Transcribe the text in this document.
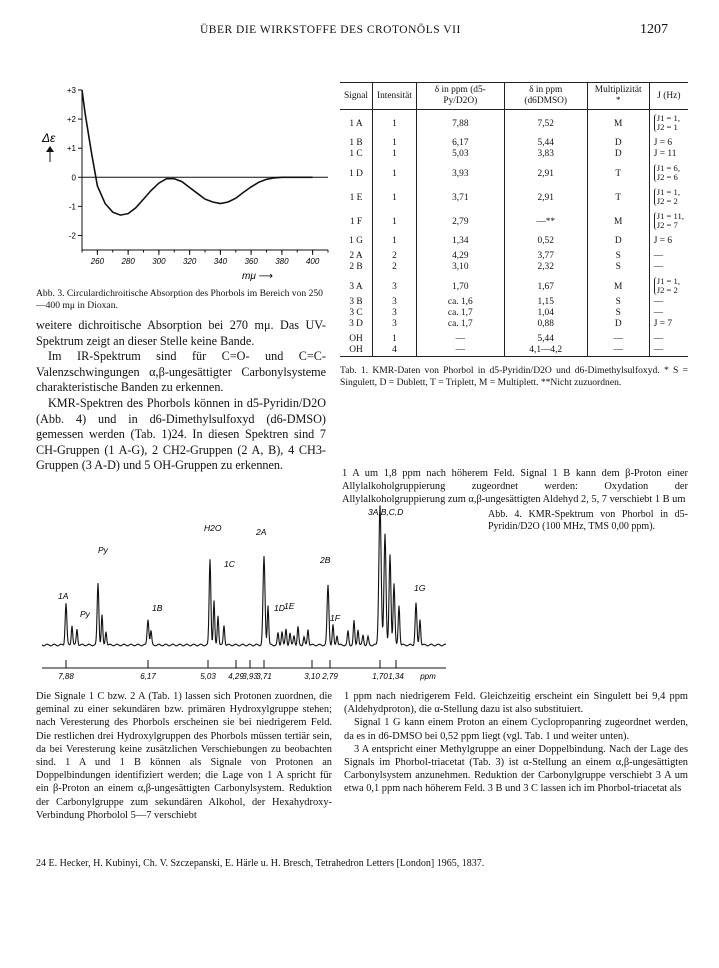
ÜBER DIE WIRKSTOFFE DES CROTONÖLS VII	1207
+3
+2
+1
0
-1
-2
260 280 300 320 340 360 380 400
Δε
mμ ⟶
Abb. 3. Circulardichroitische Absorption des Phorbols im Bereich von 250—400 mμ in Dioxan.

weitere dichroitische Absorption bei 270 mμ. Das UV-Spektrum zeigt an dieser Stelle keine Bande.

Im IR-Spektrum sind für C=O- und C=C-Valenzschwingungen α,β-ungesättigter Carbonylsysteme charakteristische Banden zu erkennen.

KMR-Spektren des Phorbols können in d5-Pyridin/D2O (Abb. 4) und in d6-Dimethylsulfoxyd (d6-DMSO) gemessen werden (Tab. 1)24. In diesen Spektren sind 7 CH-Gruppen (1 A-G), 2 CH2-Gruppen (2 A, B), 4 CH3-Gruppen (3 A-D) und 5 OH-Gruppen zu erkennen.

Signal	Intensität	δ in ppm (d5-Py/D2O)	δ in ppm (d6DMSO)	Multiplizität *	J (Hz)

1 A	1	7,88	7,52	M	J1 = 1,
J2 = 1

1 B	1	6,17	5,44	D	J = 6
1 C	1	5,03	3,83	D	J = 11

1 D	1	3,93	2,91	T	J1 = 6,
J2 = 6

1 E	1	3,71	2,91	T	J1 = 1,
J2 = 2

1 F	1	2,79	—**	M	J1 = 11,
J2 = 7

1 G	1	1,34	0,52	D	J = 6

2 A	2	4,29	3,77	S	—
2 B	2	3,10	2,32	S	—

3 A	3	1,70	1,67	M	J1 = 1,
J2 = 2
3 B	3	ca. 1,6	1,15	S	—
3 C	3	ca. 1,7	1,04	S	—
3 D	3	ca. 1,7	0,88	D	J = 7

OH	1	—	5,44	—	—
OH	4	—	4,1—4,2	—	—
Tab. 1. KMR-Daten von Phorbol in d5-Pyridin/D2O und d6-Dimethylsulfoxyd. * S = Singulett, D = Dublett, T = Triplett, M = Multiplett. **Nicht zuzuordnen.

1 A um 1,8 ppm nach höherem Feld. Signal 1 B kann dem β-Proton einer Allylalkoholgruppierung zugeordnet werden: Oxydation der Allylalkoholgruppierung zum α,β-ungesättigten Aldehyd 2, 5, 7 verschiebt 1 B um

1A
Py
Py
1B
H2O	2A
1C
1D 1E
1F
2B
3A,B,C,D
1G
7,88	6,17	5,03 4,29
3,93
3,71	3,10 2,79	1,70 1,34 ppm
Abb. 4. KMR-Spektrum von Phorbol in d5-Pyridin/D2O (100 MHz, TMS 0,00 ppm).

Die Signale 1 C bzw. 2 A (Tab. 1) lassen sich Protonen zuordnen, die geminal zu einer sekundären bzw. primären Hydroxylgruppe stehen; nach Veresterung des Phorbols erscheinen sie bei niedrigerem Feld. Die restlichen drei Hydroxylgruppen des Phorbols müssen tertiär sein, da bei Veresterung keine zusätzlichen Verschiebungen zu beobachten sind. 1 A und 1 B können als Signale von Protonen an Doppelbindungen identifiziert werden; die Lage von 1 A spricht für ein β-Proton an einem α,β-ungesättigten Carbonylsystem. Reduktion der Carbonylgruppe zum sekundären Alkohol, der Hexahydroxy-Verbindung Phorbolol 5—7 verschiebt

1 ppm nach niedrigerem Feld. Gleichzeitig erscheint ein Singulett bei 9,4 ppm (Aldehydproton), die α-Stellung dazu ist also substituiert.

Signal 1 G kann einem Proton an einem Cyclopropanring zugeordnet werden, da es in d6-DMSO bei 0,52 ppm liegt (vgl. Tab. 1 und weiter unten).

3 A entspricht einer Methylgruppe an einer Doppelbindung. Nach der Lage des Signals im Phorbol-triacetat (Tab. 3) ist α-Stellung an einem α,β-ungesättigten Carbonylsystem anzunehmen. Reduktion der Carbonylgruppe verschiebt 3 A um etwa 0,1 ppm nach höherem Feld. 3 B und 3 C lassen ich im Phorbol-triacetat als

24 E. Hecker, H. Kubinyi, Ch. V. Szczepanski, E. Härle u. H. Bresch, Tetrahedron Letters [London] 1965, 1837.
